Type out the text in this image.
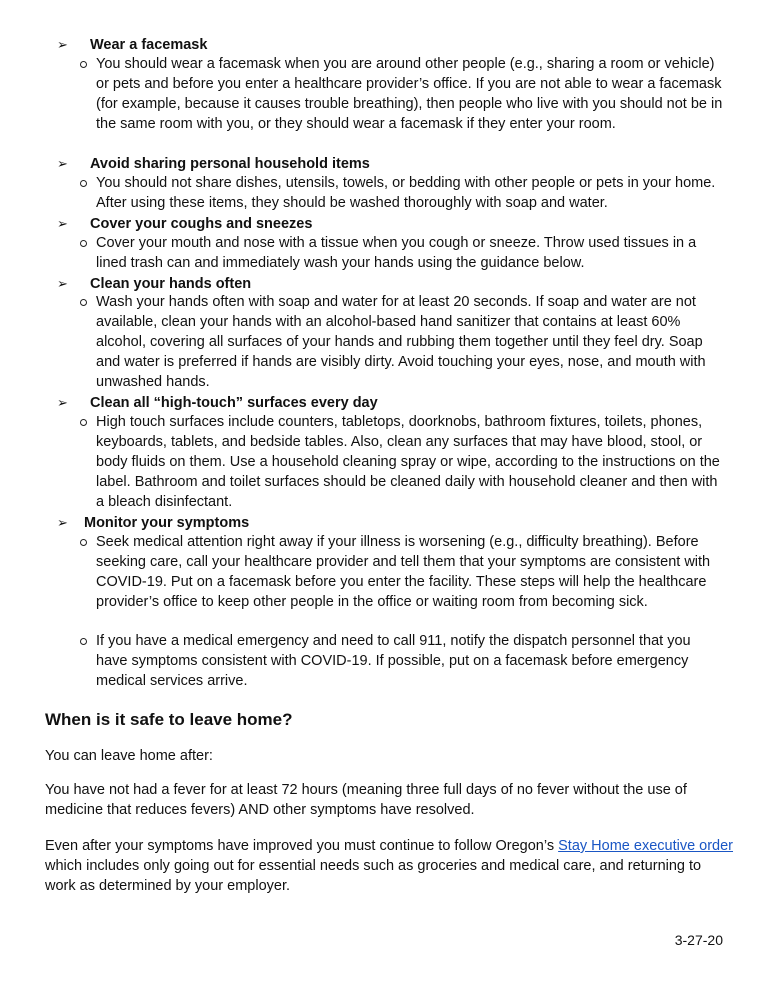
➢ Wear a facemask
You should wear a facemask when you are around other people (e.g., sharing a room or vehicle) or pets and before you enter a healthcare provider’s office. If you are not able to wear a facemask (for example, because it causes trouble breathing), then people who live with you should not be in the same room with you, or they should wear a facemask if they enter your room.
➢ Avoid sharing personal household items
You should not share dishes, utensils, towels, or bedding with other people or pets in your home. After using these items, they should be washed thoroughly with soap and water.
➢ Cover your coughs and sneezes
Cover your mouth and nose with a tissue when you cough or sneeze. Throw used tissues in a lined trash can and immediately wash your hands using the guidance below.
➢ Clean your hands often
Wash your hands often with soap and water for at least 20 seconds. If soap and water are not available, clean your hands with an alcohol-based hand sanitizer that contains at least 60% alcohol, covering all surfaces of your hands and rubbing them together until they feel dry. Soap and water is preferred if hands are visibly dirty. Avoid touching your eyes, nose, and mouth with unwashed hands.
➢ Clean all “high-touch” surfaces every day
High touch surfaces include counters, tabletops, doorknobs, bathroom fixtures, toilets, phones, keyboards, tablets, and bedside tables. Also, clean any surfaces that may have blood, stool, or body fluids on them. Use a household cleaning spray or wipe, according to the instructions on the label. Bathroom and toilet surfaces should be cleaned daily with household cleaner and then with a bleach disinfectant.
➢ Monitor your symptoms
Seek medical attention right away if your illness is worsening (e.g., difficulty breathing). Before seeking care, call your healthcare provider and tell them that your symptoms are consistent with COVID-19. Put on a facemask before you enter the facility. These steps will help the healthcare provider’s office to keep other people in the office or waiting room from becoming sick.
If you have a medical emergency and need to call 911, notify the dispatch personnel that you have symptoms consistent with COVID-19. If possible, put on a facemask before emergency medical services arrive.
When is it safe to leave home?
You can leave home after:
You have not had a fever for at least 72 hours (meaning three full days of no fever without the use of medicine that reduces fevers) AND other symptoms have resolved.
Even after your symptoms have improved you must continue to follow Oregon’s Stay Home executive order which includes only going out for essential needs such as groceries and medical care, and returning to work as determined by your employer.
3-27-20
